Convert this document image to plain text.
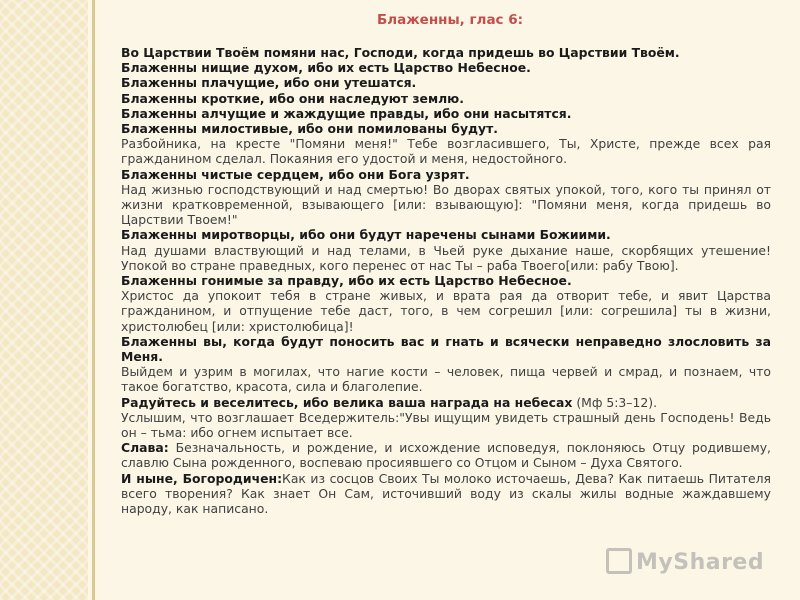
Блаженны, глас 6:

Во Царствии Твоём помяни нас, Господи, когда придешь во Царствии Твоём.

Блаженны нищие духом, ибо их есть Царство Небесное.

Блаженны плачущие, ибо они утешатся.

Блаженны кроткие, ибо они наследуют землю.

Блаженны алчущие и жаждущие правды, ибо они насытятся.

Блаженны милостивые, ибо они помилованы будут.

Разбойника, на кресте "Помяни меня!" Тебе возгласившего, Ты, Христе, прежде всех рая гражданином сделал. Покаяния его удостой и меня, недостойного.

Блаженны чистые сердцем, ибо они Бога узрят.

Над жизнью господствующий и над смертью! Во дворах святых упокой, того, кого ты принял от жизни кратковременной, взывающего [или: взывающую]: "Помяни меня, когда придешь во Царствии Твоем!"

Блаженны миротворцы, ибо они будут наречены сынами Божиими.

Над душами властвующий и над телами, в Чьей руке дыхание наше, скорбящих утешение! Упокой во стране праведных, кого перенес от нас Ты – раба Твоего[или: рабу Твою].

Блаженны гонимые за правду, ибо их есть Царство Небесное.

Христос да упокоит тебя в стране живых, и врата рая да отворит тебе, и явит Царства гражданином, и отпущение тебе даст, того, в чем согрешил [или: согрешила] ты в жизни, христолюбец [или: христолюбица]!

Блаженны вы, когда будут поносить вас и гнать и всячески неправедно злословить за Меня.

Выйдем и узрим в могилах, что нагие кости – человек, пища червей и смрад, и познаем, что такое богатство, красота, сила и благолепие.

Радуйтесь и веселитесь, ибо велика ваша награда на небесах (Мф 5:3–12).

Услышим, что возглашает Вседержитель:"Увы ищущим увидеть страшный день Господень! Ведь он – тьма: ибо огнем испытает все.

Слава: Безначальность, и рождение, и исхождение исповедуя, поклоняюсь Отцу родившему, славлю Сына рожденного, воспеваю просиявшего со Отцом и Сыном – Духа Святого.

И ныне, Богородичен:Как из сосцов Своих Ты молоко источаешь, Дева? Как питаешь Питателя всего творения? Как знает Он Сам, источивший воду из скалы жилы водные жаждавшему народу, как написано.

MyShared
